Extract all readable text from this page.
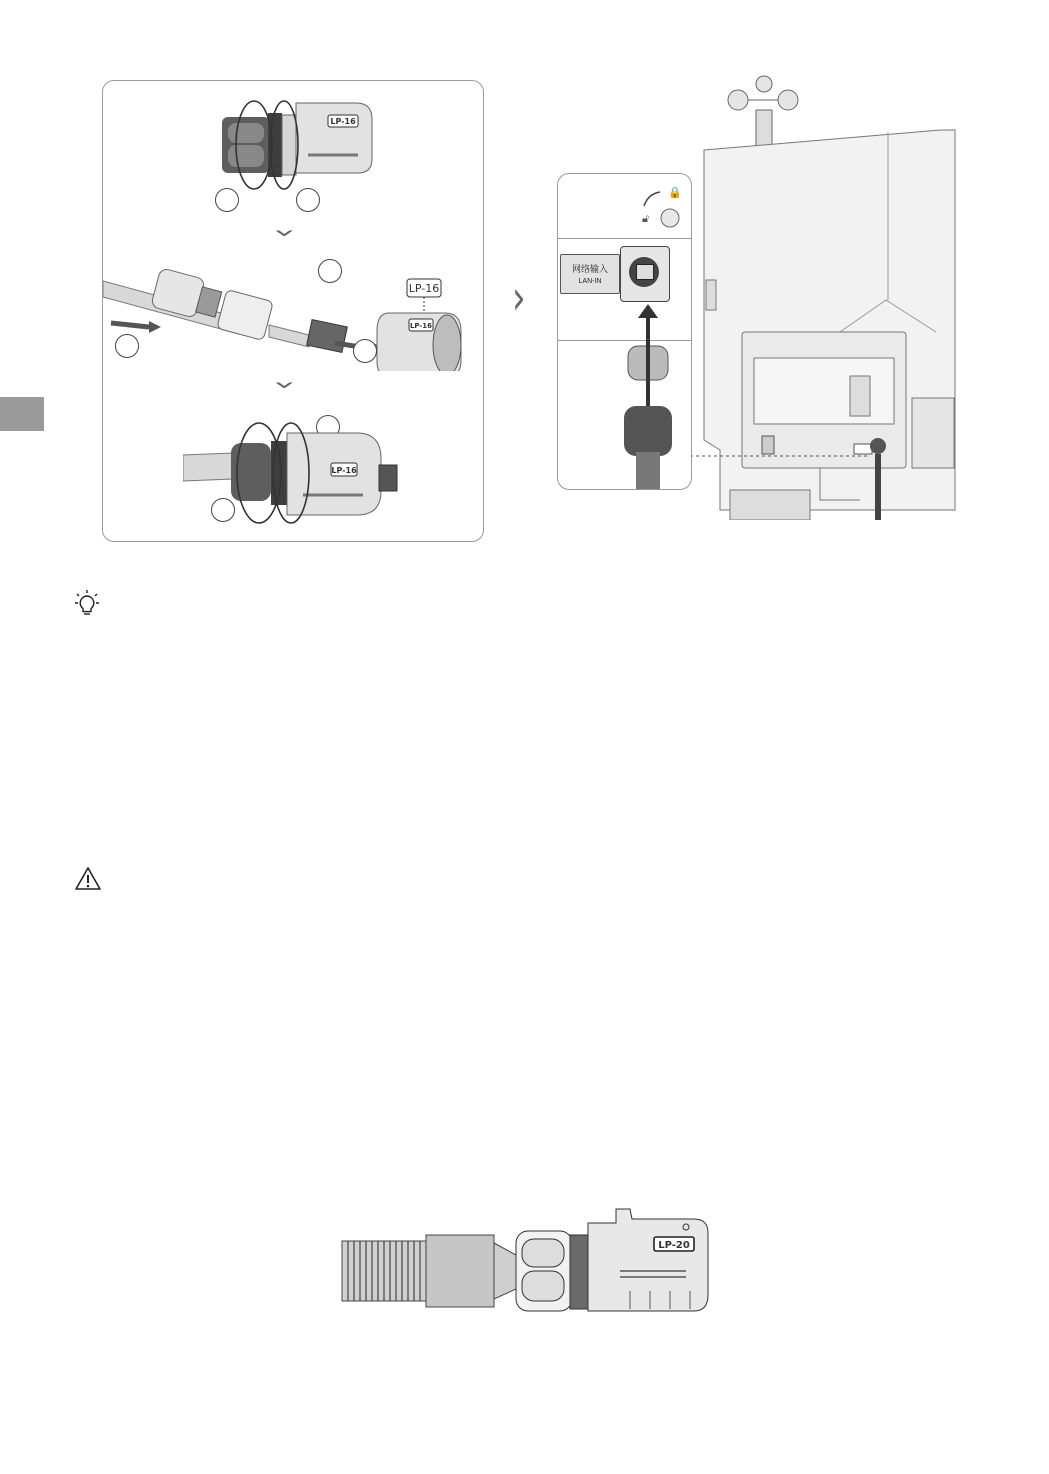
LP-16
›
LP-16
LP-16
›
LP-16
›
🔒
🔓︎
网络输入
LAN-IN
LP-20
